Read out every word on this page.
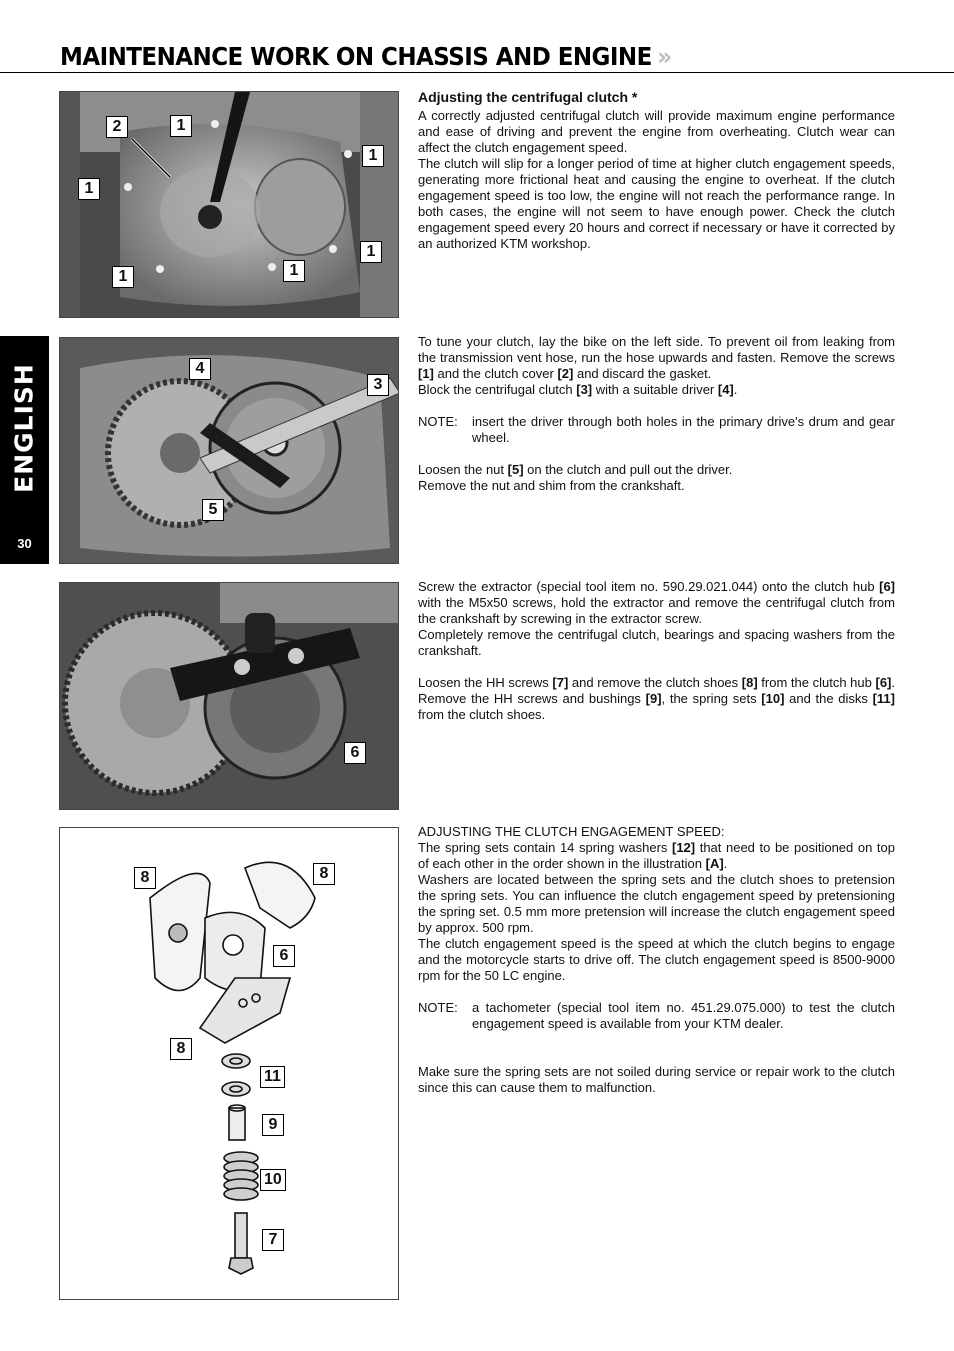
MAINTENANCE WORK ON CHASSIS AND ENGINE »
ENGLISH
30
2	1
1
1
1
1	1
4
3
5
6
8	8
6
8
11
9
10
7

Adjusting the centrifugal clutch *

A correctly adjusted centrifugal clutch will provide maximum engine performance and ease of driving and prevent the engine from overheating. Clutch wear can affect the clutch engagement speed.

The clutch will slip for a longer period of time at higher clutch engagement speeds, generating more frictional heat and causing the engine to overheat. If the clutch engagement speed is too low, the engine will not reach the performance range. In both cases, the engine will not seem to have enough power. Check the clutch engagement speed every 20 hours and correct if necessary or have it corrected by an authorized KTM workshop.

To tune your clutch, lay the bike on the left side. To prevent oil from leaking from the transmission vent hose, run the hose upwards and fasten. Remove the screws [1] and the clutch cover [2] and discard the gasket.

Block the centrifugal clutch [3] with a suitable driver [4].

NOTE:	insert the driver through both holes in the primary drive's drum and gear wheel.

Loosen the nut [5] on the clutch and pull out the driver.

Remove the nut and shim from the crankshaft.

Screw the extractor (special tool item no. 590.29.021.044) onto the clutch hub [6] with the M5x50 screws, hold the extractor and remove the centrifugal clutch from the crankshaft by screwing in the extractor screw.

Completely remove the centrifugal clutch, bearings and spacing washers from the crankshaft.

Loosen the HH screws [7] and remove the clutch shoes [8] from the clutch hub [6]. Remove the HH screws and bushings [9], the spring sets [10] and the disks [11] from the clutch shoes.

ADJUSTING THE CLUTCH ENGAGEMENT SPEED:

The spring sets contain 14 spring washers [12] that need to be positioned on top of each other in the order shown in the illustration [A].

Washers are located between the spring sets and the clutch shoes to pretension the spring sets. You can influence the clutch engagement speed by pretensioning the spring set. 0.5 mm more pretension will increase the clutch engagement speed by approx. 500 rpm.

The clutch engagement speed is the speed at which the clutch begins to engage and the motorcycle starts to drive off. The clutch engagement speed is 8500-9000 rpm for the 50 LC engine.

NOTE:	a tachometer (special tool item no. 451.29.075.000) to test the clutch engagement speed is available from your KTM dealer.

Make sure the spring sets are not soiled during service or repair work to the clutch since this can cause them to malfunction.
